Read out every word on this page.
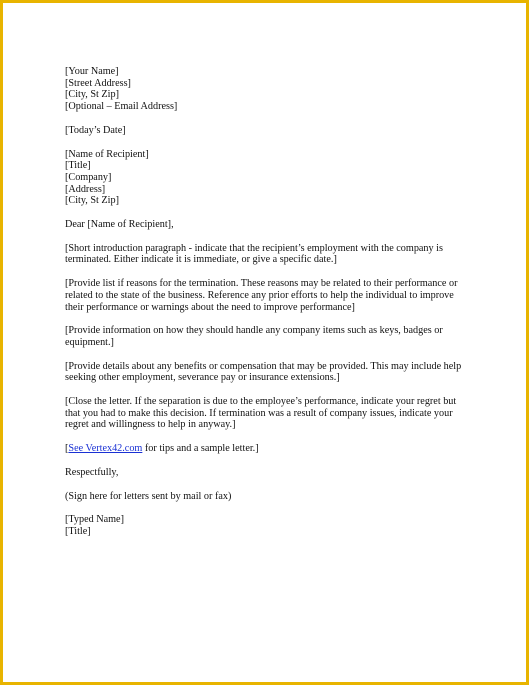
[Your Name]
[Street Address]
[City, St Zip]
[Optional – Email Address]
[Today’s Date]
[Name of Recipient]
[Title]
[Company]
[Address]
[City, St Zip]
Dear [Name of Recipient],
[Short introduction paragraph - indicate that the recipient’s employment with the company is
terminated. Either indicate it is immediate, or give a specific date.]
[Provide list if reasons for the termination. These reasons may be related to their performance or
related to the state of the business. Reference any prior efforts to help the individual to improve
their performance or warnings about the need to improve performance]
[Provide information on how they should handle any company items such as keys, badges or
equipment.]
[Provide details about any benefits or compensation that may be provided. This may include help
seeking other employment, severance pay or insurance extensions.]
[Close the letter. If the separation is due to the employee’s performance, indicate your regret but
that you had to make this decision. If termination was a result of company issues, indicate your
regret and willingness to help in anyway.]
[See Vertex42.com for tips and a sample letter.]
Respectfully,
(Sign here for letters sent by mail or fax)
[Typed Name]
[Title]
